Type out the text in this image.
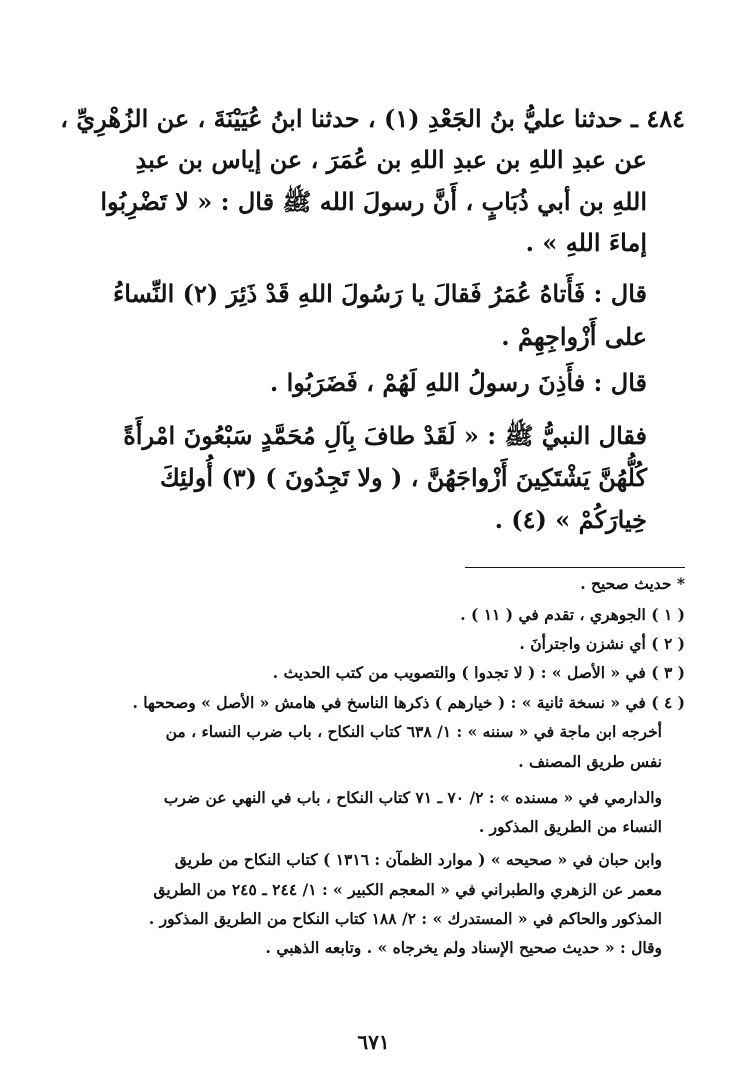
٤٨٤ ـ حدثنا عليُّ بنُ الجَعْدِ (١) ، حدثنا ابنُ عُيَيْنَةَ ، عن الزُهْرِيِّ ،
عن عبدِ اللهِ بن عبدِ اللهِ بن عُمَرَ ، عن إياس بن عبدِ
اللهِ بن أبي ذُبَابٍ ، أَنَّ رسولَ الله ﷺ قال : « لا تَضْرِبُوا
إماءَ اللهِ » .
قال : فَأَتاهُ عُمَرُ فَقالَ يا رَسُولَ اللهِ قَدْ ذَئِرَ (٢) النِّساءُ
على أَزْواجِهِمْ .
قال : فأَذِنَ رسولُ اللهِ لَهُمْ ، فَضَرَبُوا .
فقال النبيُّ ﷺ : « لَقَدْ طافَ بِآلِ مُحَمَّدٍ سَبْعُونَ امْرأَةً
كُلُّهُنَّ يَشْتَكِينَ أَزْواجَهُنَّ ، ( ولا تَجِدُونَ ) (٣) أُولئِكَ
خِيارَكُمْ » (٤) .
* حديث صحيح .
( ١ ) الجوهري ، تقدم في ( ١١ ) .
( ٢ ) أي نشزن واجترأنَ .
( ٣ ) في « الأصل » : ( لا تجدوا ) والتصويب من كتب الحديث .
( ٤ ) في « نسخة ثانية » : ( خيارهم ) ذكرها الناسخ في هامش « الأصل » وصححها .
أخرجه ابن ماجة في « سننه » : ١/ ٦٣٨ كتاب النكاح ، باب ضرب النساء ، من
نفس طريق المصنف .
والدارمي في « مسنده » : ٢/ ٧٠ ـ ٧١ كتاب النكاح ، باب في النهي عن ضرب
النساء من الطريق المذكور .
وابن حبان في « صحيحه » ( موارد الظمآن : ١٣١٦ ) كتاب النكاح من طريق
معمر عن الزهري والطبراني في « المعجم الكبير » : ١/ ٢٤٤ ـ ٢٤٥ من الطريق
المذكور والحاكم في « المستدرك » : ٢/ ١٨٨ كتاب النكاح من الطريق المذكور .
وقال : « حديث صحيح الإسناد ولم يخرجاه » . وتابعه الذهبي .
٦٧١
